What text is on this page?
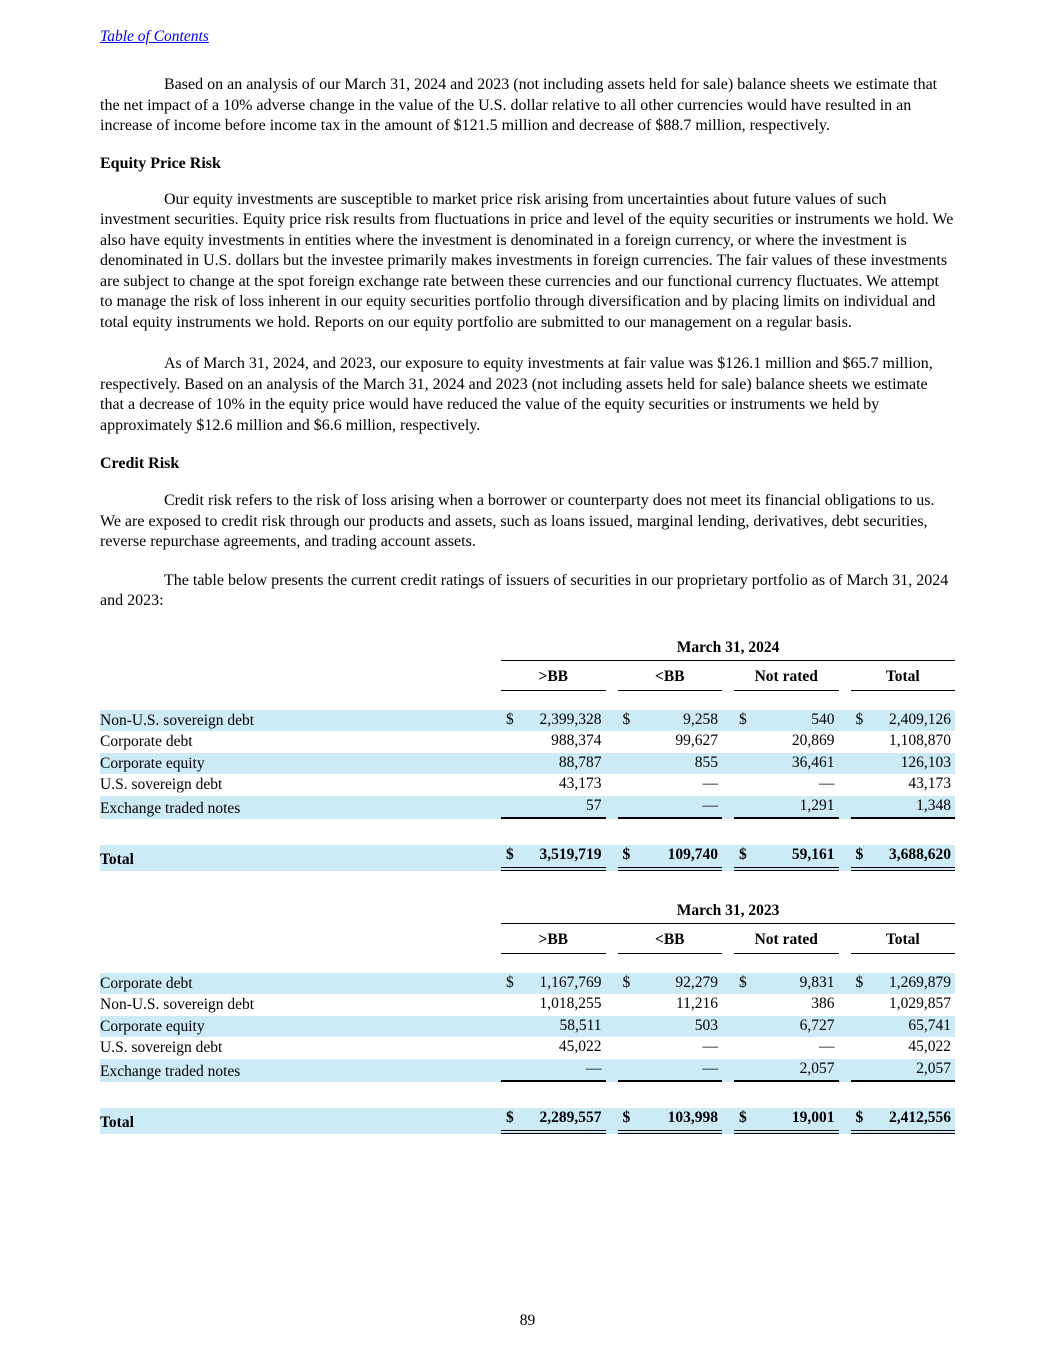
Table of Contents

Based on an analysis of our March 31, 2024 and 2023 (not including assets held for sale) balance sheets we estimate that the net impact of a 10% adverse change in the value of the U.S. dollar relative to all other currencies would have resulted in an increase of income before income tax in the amount of $121.5 million and decrease of $88.7 million, respectively.

Equity Price Risk

Our equity investments are susceptible to market price risk arising from uncertainties about future values of such investment securities. Equity price risk results from fluctuations in price and level of the equity securities or instruments we hold. We also have equity investments in entities where the investment is denominated in a foreign currency, or where the investment is denominated in U.S. dollars but the investee primarily makes investments in foreign currencies. The fair values of these investments are subject to change at the spot foreign exchange rate between these currencies and our functional currency fluctuates. We attempt to manage the risk of loss inherent in our equity securities portfolio through diversification and by placing limits on individual and total equity instruments we hold. Reports on our equity portfolio are submitted to our management on a regular basis.

As of March 31, 2024, and 2023, our exposure to equity investments at fair value was $126.1 million and $65.7 million, respectively. Based on an analysis of the March 31, 2024 and 2023 (not including assets held for sale) balance sheets we estimate that a decrease of 10% in the equity price would have reduced the value of the equity securities or instruments we held by approximately $12.6 million and $6.6 million, respectively.

Credit Risk

Credit risk refers to the risk of loss arising when a borrower or counterparty does not meet its financial obligations to us. We are exposed to credit risk through our products and assets, such as loans issued, marginal lending, derivatives, debt securities, reverse repurchase agreements, and trading account assets.

The table below presents the current credit ratings of issuers of securities in our proprietary portfolio as of March 31, 2024 and 2023:

	March 31, 2024			

	>BB	<BB	Not rated	Total

Non-U.S. sovereign debt	$ 2,399,328	$ 9,258	$ 540	$ 2,409,126

Corporate debt	988,374	99,627	20,869	1,108,870

Corporate equity	88,787	855	36,461	126,103

U.S. sovereign debt	43,173	—	—	43,173

Exchange traded notes	57	—	1,291	1,348

Total	$ 3,519,719	$ 109,740	$ 59,161	$ 3,688,620

	March 31, 2023			

	>BB	<BB	Not rated	Total

Corporate debt	$ 1,167,769	$ 92,279	$ 9,831	$ 1,269,879

Non-U.S. sovereign debt	1,018,255	11,216	386	1,029,857

Corporate equity	58,511	503	6,727	65,741

U.S. sovereign debt	45,022	—	—	45,022

Exchange traded notes	—	—	2,057	2,057

Total	$ 2,289,557	$ 103,998	$ 19,001	$ 2,412,556
89
